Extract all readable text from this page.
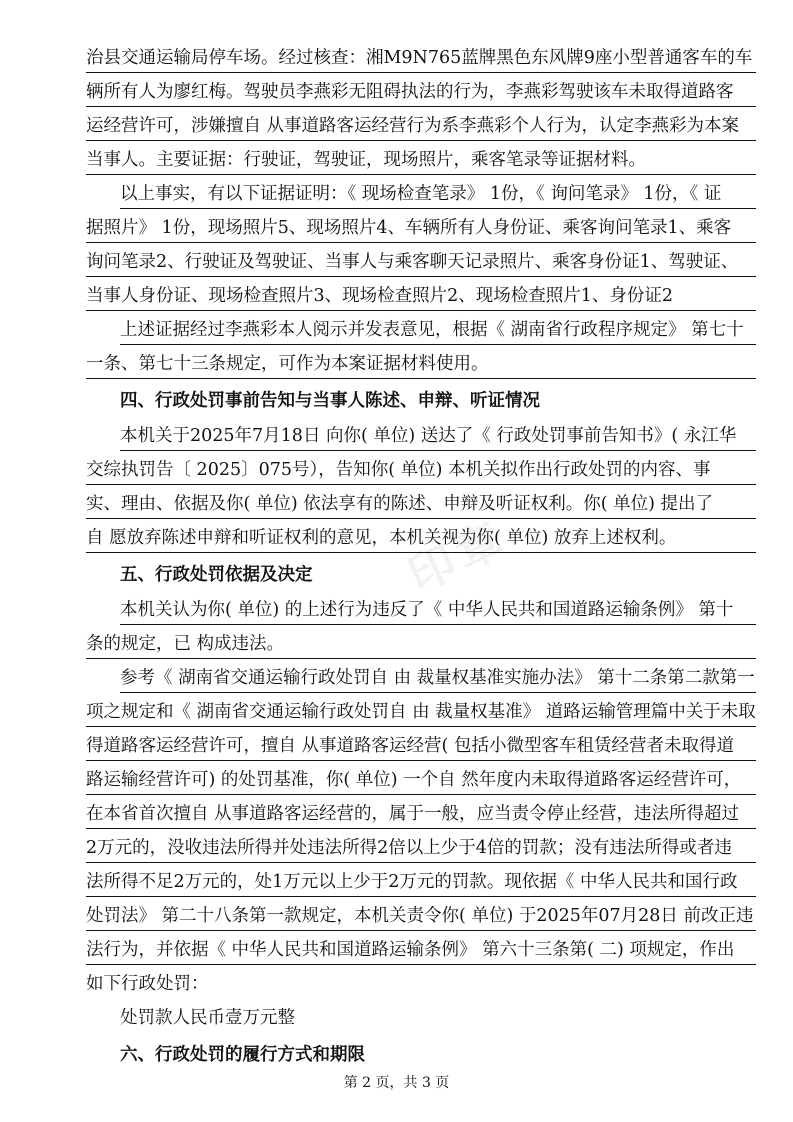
印章
治县交通运输局停车场。经过核查：湘M9N765蓝牌黑色东风牌9座小型普通客车的车
辆所有人为廖红梅。驾驶员李燕彩无阻碍执法的行为，李燕彩驾驶该车未取得道路客
运经营许可，涉嫌擅自 从事道路客运经营行为系李燕彩个人行为，认定李燕彩为本案
当事人。主要证据：行驶证，驾驶证，现场照片，乘客笔录等证据材料。
以上事实，有以下证据证明：《 现场检查笔录》 1份，《 询问笔录》 1份，《 证
据照片》 1份，现场照片5、现场照片4、车辆所有人身份证、乘客询问笔录1、乘客
询问笔录2、行驶证及驾驶证、当事人与乘客聊天记录照片、乘客身份证1、驾驶证、
当事人身份证、现场检查照片3、现场检查照片2、现场检查照片1、身份证2
上述证据经过李燕彩本人阅示并发表意见，根据《 湖南省行政程序规定》 第七十
一条、第七十三条规定，可作为本案证据材料使用。
四、行政处罚事前告知与当事人陈述、申辩、听证情况
本机关于2025年7月18日 向你( 单位) 送达了《 行政处罚事前告知书》( 永江华
交综执罚告〔 2025〕075号），告知你( 单位) 本机关拟作出行政处罚的内容、事
实、理由、依据及你( 单位) 依法享有的陈述、申辩及听证权利。你( 单位) 提出了
自 愿放弃陈述申辩和听证权利的意见，本机关视为你( 单位) 放弃上述权利。
五、行政处罚依据及决定
本机关认为你( 单位) 的上述行为违反了《 中华人民共和国道路运输条例》 第十
条的规定，已 构成违法。
参考《 湖南省交通运输行政处罚自 由 裁量权基准实施办法》 第十二条第二款第一
项之规定和《 湖南省交通运输行政处罚自 由 裁量权基准》 道路运输管理篇中关于未取
得道路客运经营许可，擅自 从事道路客运经营( 包括小微型客车租赁经营者未取得道
路运输经营许可) 的处罚基准，你( 单位) 一个自 然年度内未取得道路客运经营许可，
在本省首次擅自 从事道路客运经营的，属于一般，应当责令停止经营，违法所得超过
2万元的，没收违法所得并处违法所得2倍以上少于4倍的罚款；没有违法所得或者违
法所得不足2万元的，处1万元以上少于2万元的罚款。现依据《 中华人民共和国行政
处罚法》 第二十八条第一款规定，本机关责令你( 单位) 于2025年07月28日 前改正违
法行为，并依据《 中华人民共和国道路运输条例》 第六十三条第( 二) 项规定，作出
如下行政处罚：
处罚款人民币壹万元整
六、行政处罚的履行方式和期限
第 2 页，共 3 页
